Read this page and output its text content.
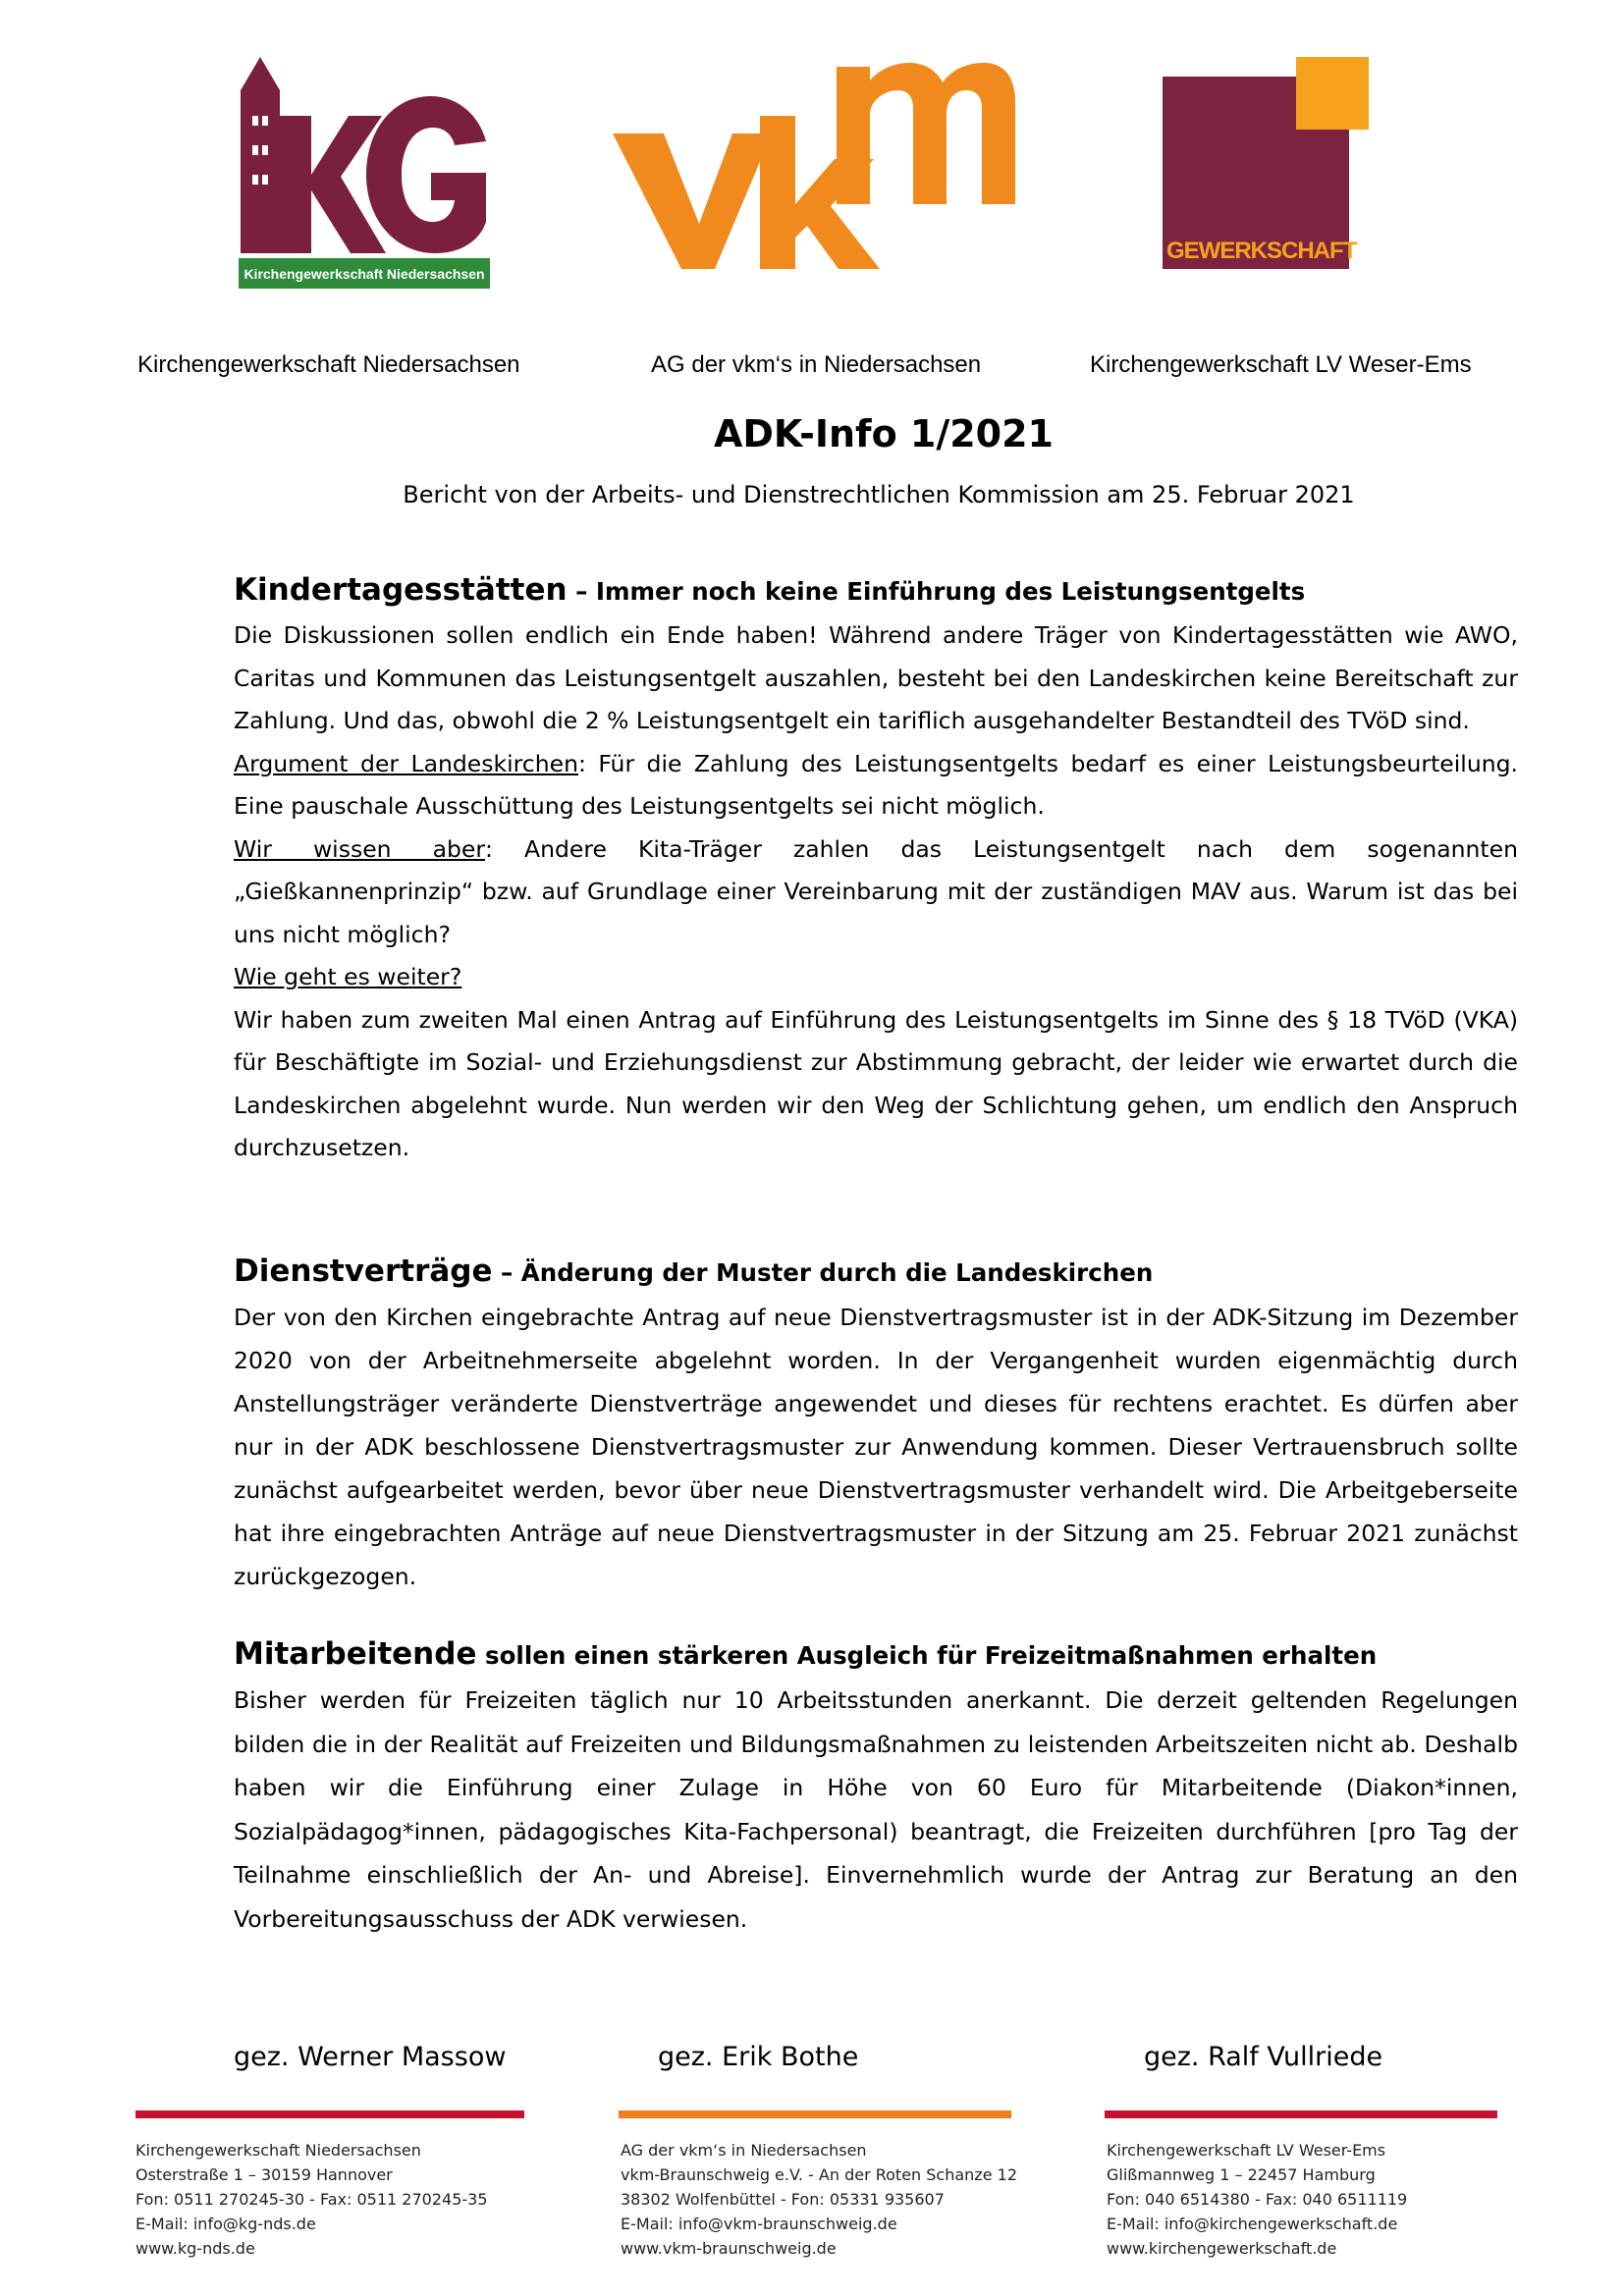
Kirchengewerkschaft Niedersachsen
Kirchen
GEWERKSCHAFT
Kirchengewerkschaft Niedersachsen	AG der vkm‘s in Niedersachsen	Kirchengewerkschaft LV Weser-Ems
ADK-Info 1/2021
Bericht von der Arbeits- und Dienstrechtlichen Kommission am 25. Februar 2021
Kindertagesstätten – Immer noch keine Einführung des Leistungsentgelts

Die Diskussionen sollen endlich ein Ende haben! Während andere Träger von Kindertagesstätten wie AWO, Caritas und Kommunen das Leistungsentgelt auszahlen, besteht bei den Landeskirchen keine Bereitschaft zur Zahlung. Und das, obwohl die 2 % Leistungsentgelt ein tariflich ausgehandelter Bestandteil des TVöD sind.

Argument der Landeskirchen: Für die Zahlung des Leistungsentgelts bedarf es einer Leistungsbeurteilung. Eine pauschale Ausschüttung des Leistungsentgelts sei nicht möglich.

Wir wissen aber: Andere Kita-Träger zahlen das Leistungsentgelt nach dem sogenannten „Gießkannenprinzip“ bzw. auf Grundlage einer Vereinbarung mit der zuständigen MAV aus. Warum ist das bei uns nicht möglich?

Wie geht es weiter?

Wir haben zum zweiten Mal einen Antrag auf Einführung des Leistungsentgelts im Sinne des § 18 TVöD (VKA) für Beschäftigte im Sozial- und Erziehungsdienst zur Abstimmung gebracht, der leider wie erwartet durch die Landeskirchen abgelehnt wurde. Nun werden wir den Weg der Schlichtung gehen, um endlich den Anspruch durchzusetzen.

Dienstverträge – Änderung der Muster durch die Landeskirchen

Der von den Kirchen eingebrachte Antrag auf neue Dienstvertragsmuster ist in der ADK-Sitzung im Dezember 2020 von der Arbeitnehmerseite abgelehnt worden. In der Vergangenheit wurden eigenmächtig durch Anstellungsträger veränderte Dienstverträge angewendet und dieses für rechtens erachtet. Es dürfen aber nur in der ADK beschlossene Dienstvertragsmuster zur Anwendung kommen. Dieser Vertrauensbruch sollte zunächst aufgearbeitet werden, bevor über neue Dienstvertragsmuster verhandelt wird. Die Arbeitgeberseite hat ihre eingebrachten Anträge auf neue Dienstvertragsmuster in der Sitzung am 25. Februar 2021 zunächst zurückgezogen.

Mitarbeitende sollen einen stärkeren Ausgleich für Freizeitmaßnahmen erhalten

Bisher werden für Freizeiten täglich nur 10 Arbeitsstunden anerkannt. Die derzeit geltenden Regelungen bilden die in der Realität auf Freizeiten und Bildungsmaßnahmen zu leistenden Arbeitszeiten nicht ab. Deshalb haben wir die Einführung einer Zulage in Höhe von 60 Euro für Mitarbeitende (Diakon*innen, Sozialpädagog*innen, pädagogisches Kita-Fachpersonal) beantragt, die Freizeiten durchführen [pro Tag der Teilnahme einschließlich der An- und Abreise]. Einvernehmlich wurde der Antrag zur Beratung an den Vorbereitungsausschuss der ADK verwiesen.

gez. Werner Massow	gez. Erik Bothe	gez. Ralf Vullriede
Kirchengewerkschaft Niedersachsen
Osterstraße 1 – 30159 Hannover
Fon: 0511 270245-30 - Fax: 0511 270245-35
E-Mail: info@kg-nds.de
www.kg-nds.de
AG der vkm‘s in Niedersachsen
vkm-Braunschweig e.V. - An der Roten Schanze 12
38302 Wolfenbüttel - Fon: 05331 935607
E-Mail: info@vkm-braunschweig.de
www.vkm-braunschweig.de
Kirchengewerkschaft LV Weser-Ems
Glißmannweg 1 – 22457 Hamburg
Fon: 040 6514380 - Fax: 040 6511119
E-Mail: info@kirchengewerkschaft.de
www.kirchengewerkschaft.de
